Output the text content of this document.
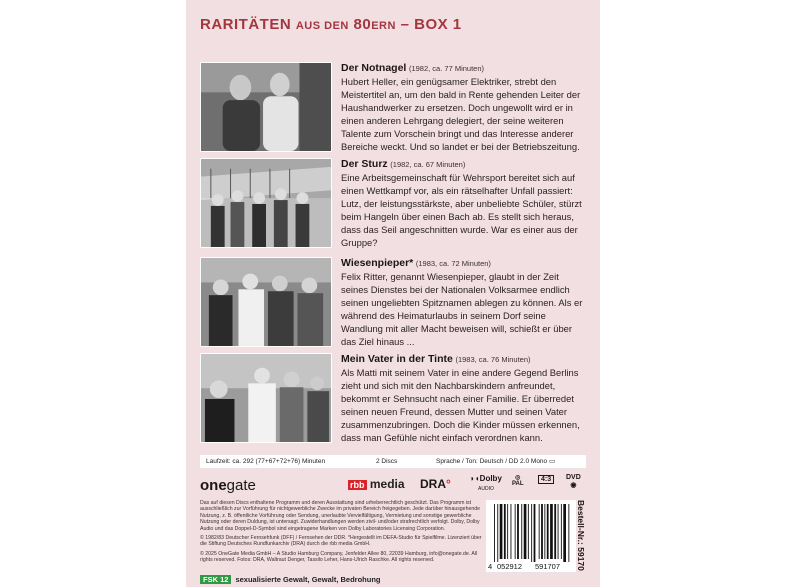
RARITÄTEN AUS DEN 80ERN – BOX 1
Der Notnagel (1982, ca. 77 Minuten)
Hubert Heller, ein genügsamer Elektriker, strebt den Meistertitel an, um den bald in Rente gehenden Leiter der Haushandwerker zu ersetzen. Doch ungewollt wird er in einen anderen Lehrgang delegiert, der seine weiteren Talente zum Vorschein bringt und das Interesse anderer Bereiche weckt. Und so landet er bei der Betriebszeitung.
Der Sturz (1982, ca. 67 Minuten)
Eine Arbeitsgemeinschaft für Wehrsport bereitet sich auf einen Wettkampf vor, als ein rätselhafter Unfall passiert: Lutz, der leistungsstärkste, aber unbeliebte Schüler, stürzt beim Hangeln über einen Bach ab. Es stellt sich heraus, dass das Seil angeschnitten wurde. War es einer aus der Gruppe?
Wiesenpieper* (1983, ca. 72 Minuten)
Felix Ritter, genannt Wiesenpieper, glaubt in der Zeit seines Dienstes bei der Nationalen Volksarmee endlich seinen ungeliebten Spitznamen ablegen zu können. Als er während des Heimaturlaubs in seinem Dorf seine Wandlung mit aller Macht beweisen will, schießt er über das Ziel hinaus ...
Mein Vater in der Tinte (1983, ca. 76 Minuten)
Als Matti mit seinem Vater in eine andere Gegend Berlins zieht und sich mit den Nachbarskindern anfreundet, bekommt er Sehnsucht nach einer Familie. Er überredet seinen neuen Freund, dessen Mutter und seinen Vater zusammenzubringen. Doch die Kinder müssen erkennen, dass man Gefühle nicht einfach verordnen kann.
Laufzeit: ca. 292 (77+67+72+76) Minuten	2 Discs	Sprache / Ton: Deutsch / DD 2.0 Mono ▭
onegate	rbb media DRA° ◗◖Dolby
AUDIO
◎
PAL
4:3	DVD
◉

Das auf diesen Discs enthaltene Programm und deren Ausstattung sind urheberrechtlich geschützt. Das Programm ist ausschließlich zur Vorführung für nichtgewerbliche Zwecke im privaten Bereich freigegeben. Jede darüber hinausgehende Nutzung, z. B. öffentliche Vorführung oder Sendung, unerlaubte Vervielfältigung, Vermietung und sonstige gewerbliche Nutzung oder deren Duldung, ist untersagt. Zuwiderhandlungen werden zivil- und/oder strafrechtlich verfolgt. Dolby, Dolby Audio und das Doppel-D-Symbol sind eingetragene Marken von Dolby Laboratories Licensing Corporation.

© 1982/83 Deutscher Fernsehfunk (DFF) / Fernsehen der DDR. *Hergestellt im DEFA-Studio für Spielfilme. Lizenziert über die Stiftung Deutsches Rundfunkarchiv (DRA) durch die rbb media GmbH.

© 2025 OneGate Media GmbH – A Studio Hamburg Company, Jenfelder Allee 80, 22039 Hamburg, info@onegate.de. All rights reserved. Fotos: DRA, Waltraut Denger, Tassilo Leher, Hans-Ulrich Raschke. All rights reserved.

FSK 12 sexualisierte Gewalt, Gewalt, Bedrohung
4 052912 591707 Bestell-Nr.: 59170
